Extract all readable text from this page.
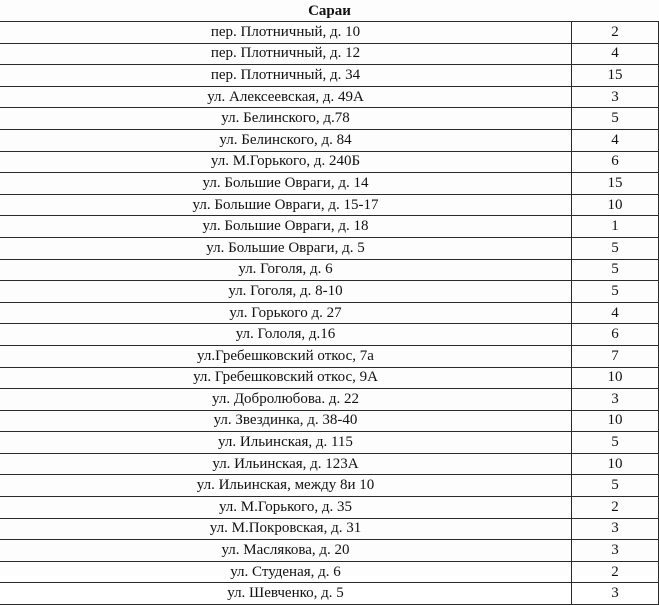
Сараи
пер. Плотничный, д. 10	2
пер. Плотничный, д. 12	4
пер. Плотничный, д. 34	15
ул. Алексеевская, д. 49А	3
ул. Белинского, д.78	5
ул. Белинского, д. 84	4
ул. М.Горького, д. 240Б	6
ул. Большие Овраги, д. 14	15
ул. Большие Овраги, д. 15-17	10
ул. Большие Овраги, д. 18	1
ул. Большие Овраги, д. 5	5
ул. Гоголя, д. 6	5
ул. Гоголя, д. 8-10	5
ул. Горького д. 27	4
ул. Гололя, д.16	6
ул.Гребешковский откос, 7а	7
ул. Гребешковский откос, 9А	10
ул. Добролюбова. д. 22	3
ул. Звездинка, д. 38-40	10
ул. Ильинская, д. 115	5
ул. Ильинская, д. 123А	10
ул. Ильинская, между 8и 10	5
ул. М.Горького, д. 35	2
ул. М.Покровская, д. 31	3
ул. Маслякова, д. 20	3
ул. Студеная, д. 6	2
ул. Шевченко, д. 5	3
